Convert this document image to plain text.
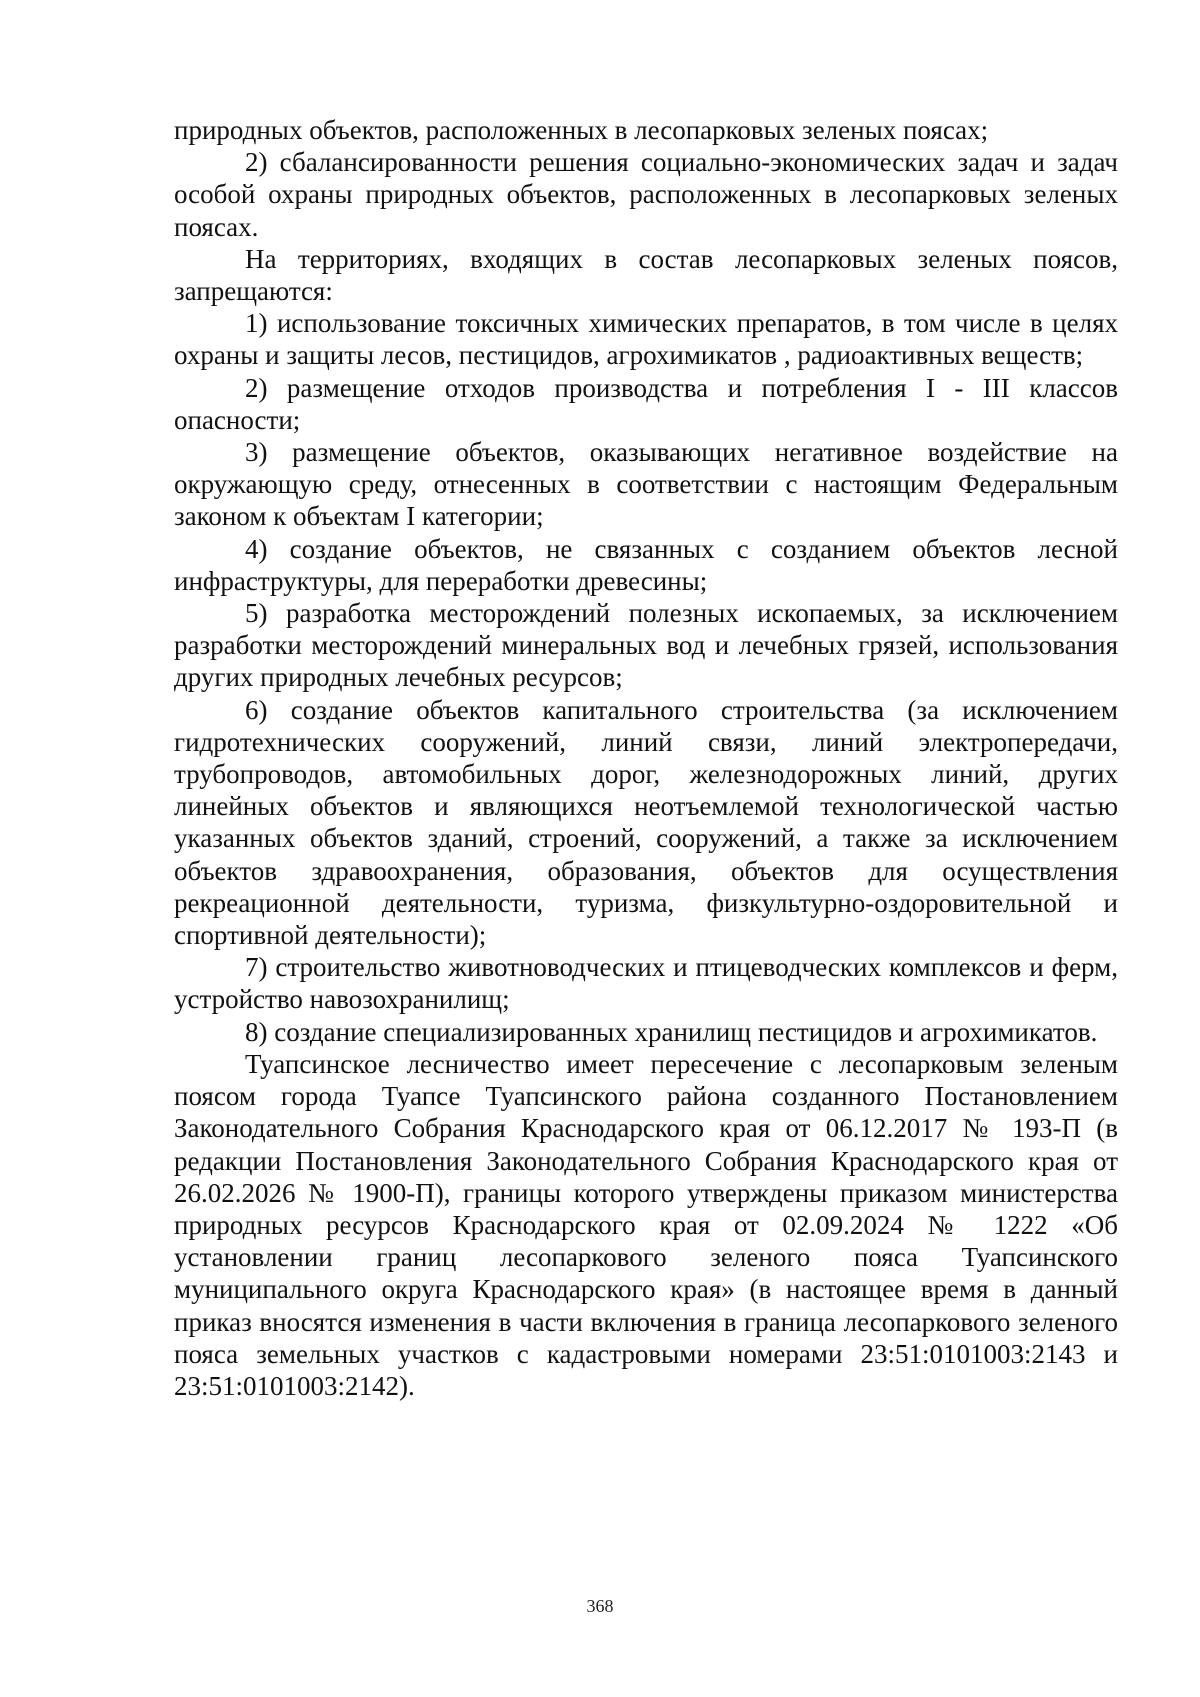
природных объектов, расположенных в лесопарковых зеленых поясах;

2) сбалансированности решения социально-экономических задач и задач особой охраны природных объектов, расположенных в лесопарковых зеленых поясах.

На территориях, входящих в состав лесопарковых зеленых поясов, запрещаются:

1) использование токсичных химических препаратов, в том числе в целях охраны и защиты лесов, пестицидов, агрохимикатов , радиоактивных веществ;

2) размещение отходов производства и потребления I - III классов опасности;

3) размещение объектов, оказывающих негативное воздействие на окружающую среду, отнесенных в соответствии с настоящим Федеральным законом к объектам I категории;

4) создание объектов, не связанных с созданием объектов лесной инфраструктуры, для переработки древесины;

5) разработка месторождений полезных ископаемых, за исключением разработки месторождений минеральных вод и лечебных грязей, использования других природных лечебных ресурсов;

6) создание объектов капитального строительства (за исключением гидротехнических сооружений, линий связи, линий электропередачи, трубопроводов, автомобильных дорог, железнодорожных линий, других линейных объектов и являющихся неотъемлемой технологической частью указанных объектов зданий, строений, сооружений, а также за исключением объектов здравоохранения, образования, объектов для осуществления рекреационной деятельности, туризма, физкультурно-оздоровительной и спортивной деятельности);

7) строительство животноводческих и птицеводческих комплексов и ферм, устройство навозохранилищ;

8) создание специализированных хранилищ пестицидов и агрохимикатов.

Туапсинское лесничество имеет пересечение с лесопарковым зеленым поясом города Туапсе Туапсинского района созданного Постановлением Законодательного Собрания Краснодарского края от 06.12.2017 № 193-П (в редакции Постановления Законодательного Собрания Краснодарского края от 26.02.2026 № 1900-П), границы которого утверждены приказом министерства природных ресурсов Краснодарского края от 02.09.2024 № 1222 «Об установлении границ лесопаркового зеленого пояса Туапсинского муниципального округа Краснодарского края» (в настоящее время в данный приказ вносятся изменения в части включения в граница лесопаркового зеленого пояса земельных участков с кадастровыми номерами 23:51:0101003:2143 и 23:51:0101003:2142).

368
